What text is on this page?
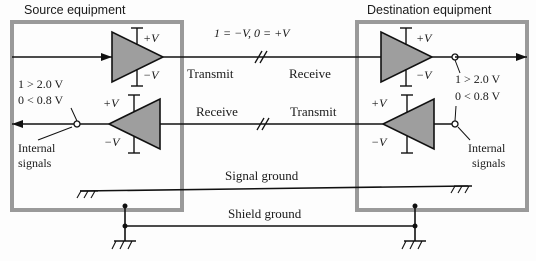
Source equipment	Destination equipment
+V
−V
1 = −V, 0 = +V
Transmit	Receive
+V
−V 1 > 2.0 V
0 < 0.8 V
+V
−V	Internal
signals
Receive	Transmit
+V
−V
1 > 2.0 V
0 < 0.8 V
Internal
signals
Signal ground
Shield ground
